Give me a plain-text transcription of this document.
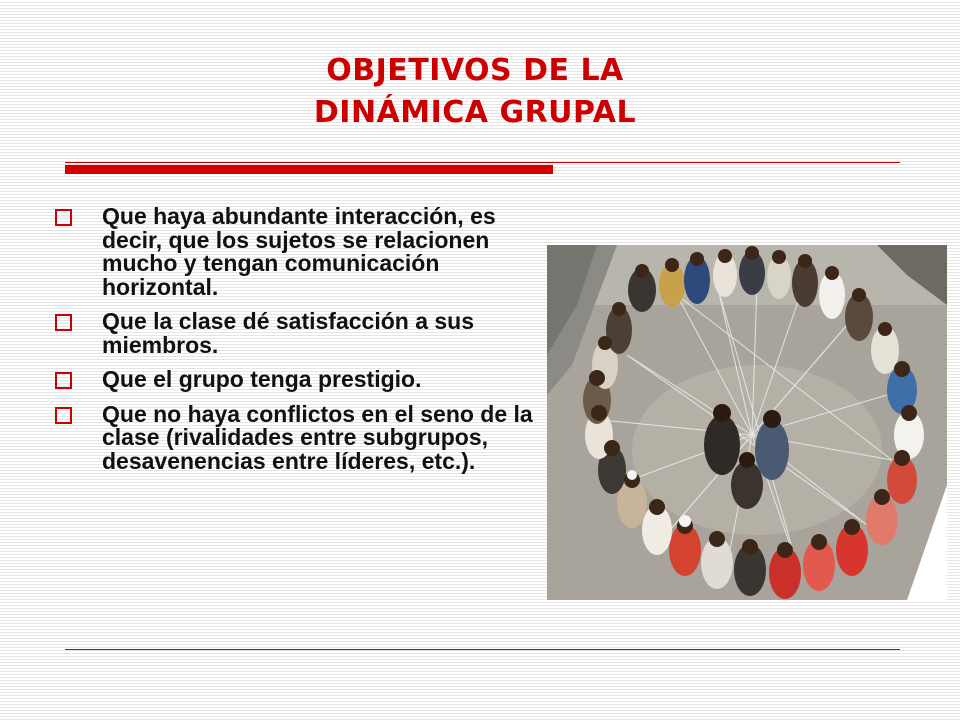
OBJETIVOS DE LA
DINÁMICA GRUPAL
Que haya abundante interacción, es decir, que los sujetos se relacionen mucho y tengan comunicación horizontal.
Que la clase dé satisfacción a sus miembros.
Que el grupo tenga prestigio.
Que no haya conflictos en el seno de la clase (rivalidades entre subgrupos, desavenencias entre líderes, etc.).
